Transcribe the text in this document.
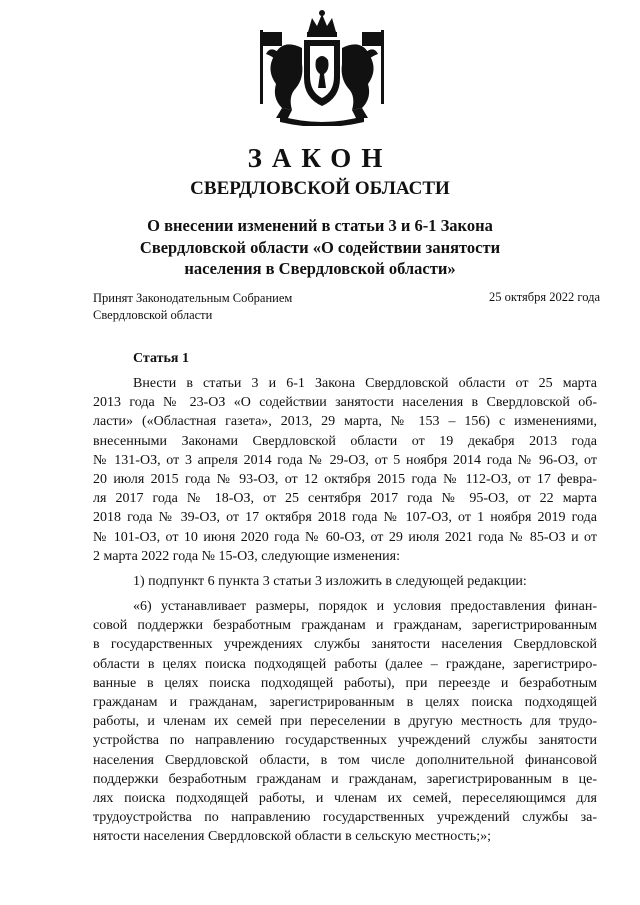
ЗАКОН
СВЕРДЛОВСКОЙ ОБЛАСТИ
О внесении изменений в статьи 3 и 6-1 Закона
Свердловской области «О содействии занятости
населения в Свердловской области»
Принят Законодательным Собранием
Свердловской области
25 октября 2022 года
Статья 1
Внести в статьи 3 и 6-1 Закона Свердловской области от 25 марта
2013 года № 23-ОЗ «О содействии занятости населения в Свердловской об-
ласти» («Областная газета», 2013, 29 марта, № 153 – 156) с изменениями,
внесенными Законами Свердловской области от 19 декабря 2013 года
№ 131-ОЗ, от 3 апреля 2014 года № 29-ОЗ, от 5 ноября 2014 года № 96-ОЗ, от
20 июля 2015 года № 93-ОЗ, от 12 октября 2015 года № 112-ОЗ, от 17 февра-
ля 2017 года № 18-ОЗ, от 25 сентября 2017 года № 95-ОЗ, от 22 марта
2018 года № 39-ОЗ, от 17 октября 2018 года № 107-ОЗ, от 1 ноября 2019 года
№ 101-ОЗ, от 10 июня 2020 года № 60-ОЗ, от 29 июля 2021 года № 85-ОЗ и от
2 марта 2022 года № 15-ОЗ, следующие изменения:
1) подпункт 6 пункта 3 статьи 3 изложить в следующей редакции:
«6) устанавливает размеры, порядок и условия предоставления финан-
совой поддержки безработным гражданам и гражданам, зарегистрированным
в государственных учреждениях службы занятости населения Свердловской
области в целях поиска подходящей работы (далее – граждане, зарегистриро-
ванные в целях поиска подходящей работы), при переезде и безработным
гражданам и гражданам, зарегистрированным в целях поиска подходящей
работы, и членам их семей при переселении в другую местность для трудо-
устройства по направлению государственных учреждений службы занятости
населения Свердловской области, в том числе дополнительной финансовой
поддержки безработным гражданам и гражданам, зарегистрированным в це-
лях поиска подходящей работы, и членам их семей, переселяющимся для
трудоустройства по направлению государственных учреждений службы за-
нятости населения Свердловской области в сельскую местность;»;
